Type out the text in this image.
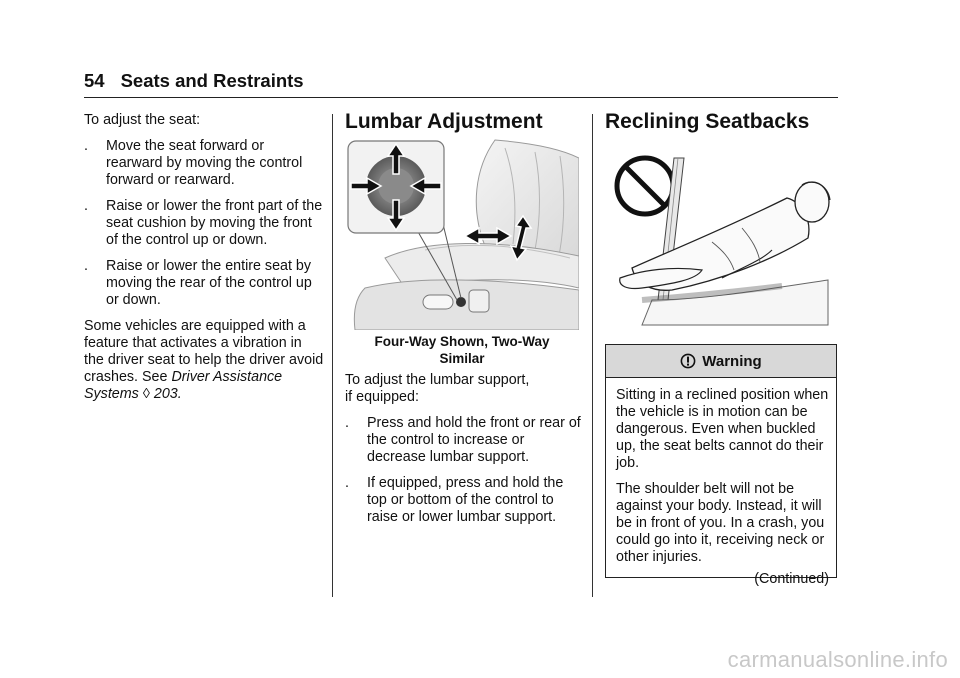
54 Seats and Restraints

To adjust the seat:

. Move the seat forward or rearward by moving the control forward or rearward.
. Raise or lower the front part of the seat cushion by moving the front of the control up or down.
. Raise or lower the entire seat by moving the rear of the control up or down.

Some vehicles are equipped with a feature that activates a vibration in the driver seat to help the driver avoid crashes. See Driver Assistance Systems ◊ 203.

Lumbar Adjustment
Four-Way Shown, Two-Way
Similar

To adjust the lumbar support,
if equipped:

. Press and hold the front or rear of the control to increase or decrease lumbar support.
. If equipped, press and hold the top or bottom of the control to raise or lower lumbar support.
Reclining Seatbacks
Warning

Sitting in a reclined position when the vehicle is in motion can be dangerous. Even when buckled up, the seat belts cannot do their job.

The shoulder belt will not be against your body. Instead, it will be in front of you. In a crash, you could go into it, receiving neck or other injuries.

(Continued)
carmanualsonline.info
